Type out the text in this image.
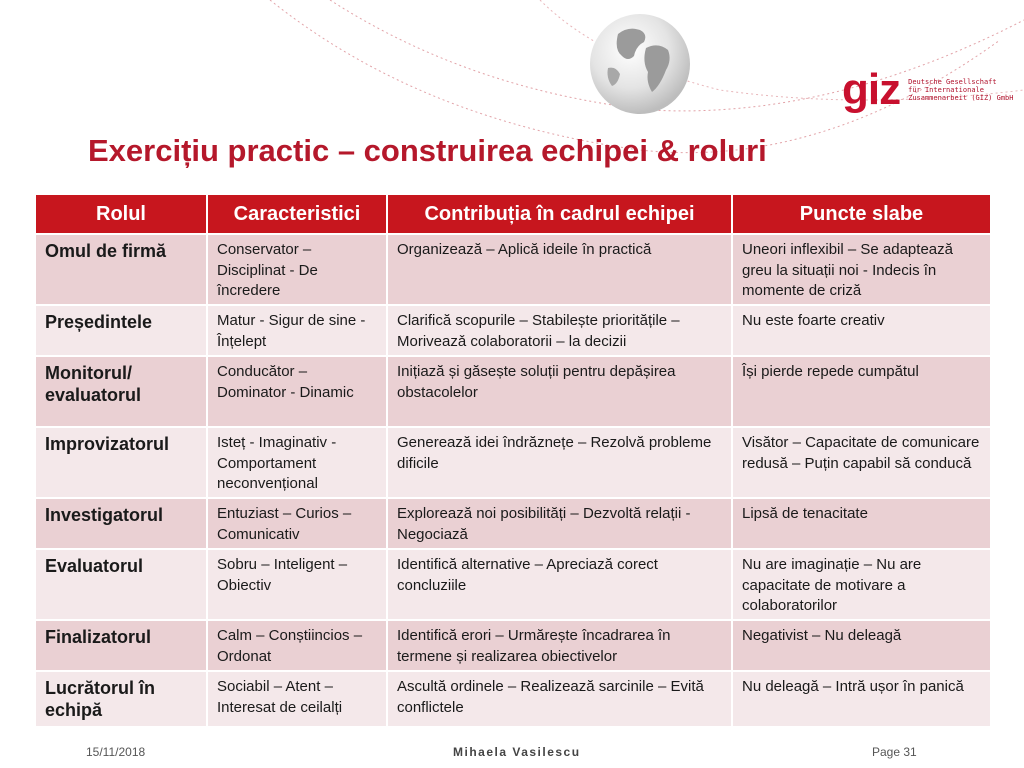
giz Deutsche Gesellschaft
für Internationale
Zusammenarbeit (GIZ) GmbH
Exercițiu practic – construirea echipei & roluri
Rolul	Caracteristici	Contribuția în cadrul echipei	Puncte slabe
Omul de firmă	Conservator – Disciplinat - De încredere	Organizează – Aplică ideile în practică	Uneori inflexibil – Se adaptează greu la situații noi - Indecis în momente de criză
Președintele	Matur - Sigur de sine - Înțelept	Clarifică scopurile – Stabilește prioritățile – Moriveazǎ colaboratorii – la decizii	Nu este foarte creativ
Monitorul/ evaluatorul	Conducător – Dominator - Dinamic	Inițiază și găsește soluții pentru depășirea obstacolelor	Își pierde repede cumpătul
Improvizatorul	Isteț - Imaginativ - Comportament neconvențional	Generează idei îndrăznețe – Rezolvă probleme dificile	Visător – Capacitate de comunicare redusă – Puțin capabil să conducă
Investigatorul	Entuziast – Curios – Comunicativ	Explorează noi posibilități – Dezvoltă relații - Negociază	Lipsă de tenacitate
Evaluatorul	Sobru – Inteligent – Obiectiv	Identifică alternative – Apreciază corect concluziile	Nu are imaginație – Nu are capacitate de motivare a colaboratorilor
Finalizatorul	Calm – Conștiincios – Ordonat	Identifică erori – Urmărește încadrarea în termene și realizarea obiectivelor	Negativist – Nu deleagă
Lucrătorul în echipă	Sociabil – Atent – Interesat de ceilalți	Ascultă ordinele – Realizează sarcinile – Evită conflictele	Nu deleagă – Intră ușor în panică
15/11/2018	Mihaela Vasilescu	Page 31
